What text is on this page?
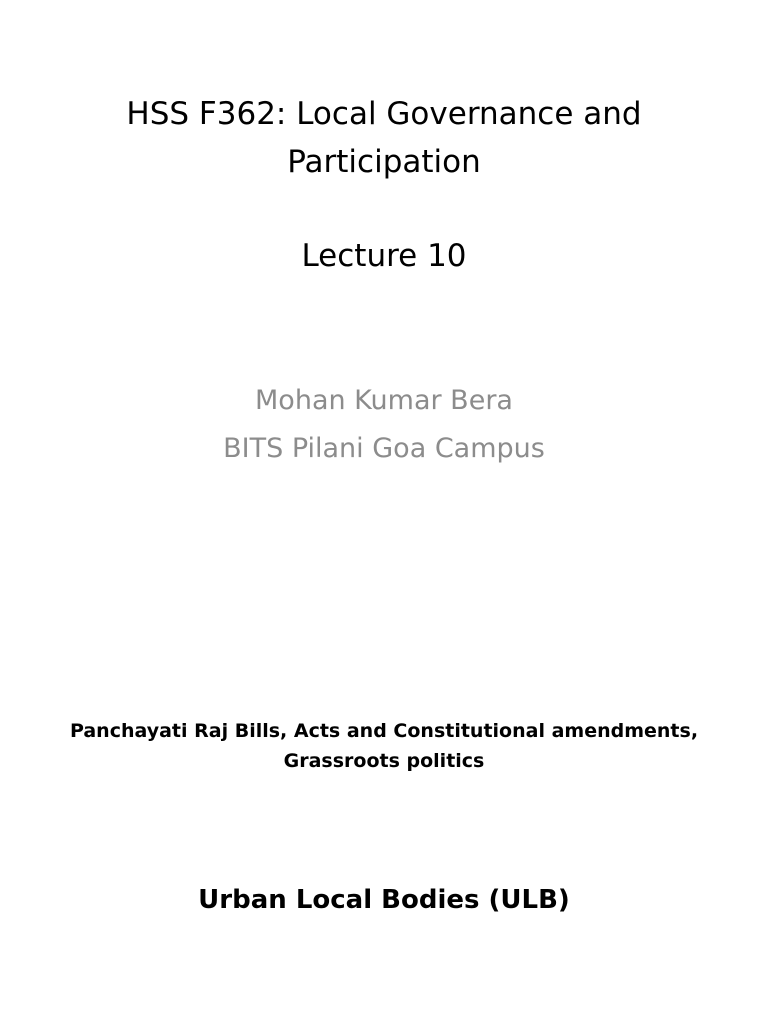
HSS F362: Local Governance and
Participation
Lecture 10
Mohan Kumar Bera
BITS Pilani Goa Campus
Panchayati Raj Bills, Acts and Constitutional amendments,
Grassroots politics
Urban Local Bodies (ULB)
